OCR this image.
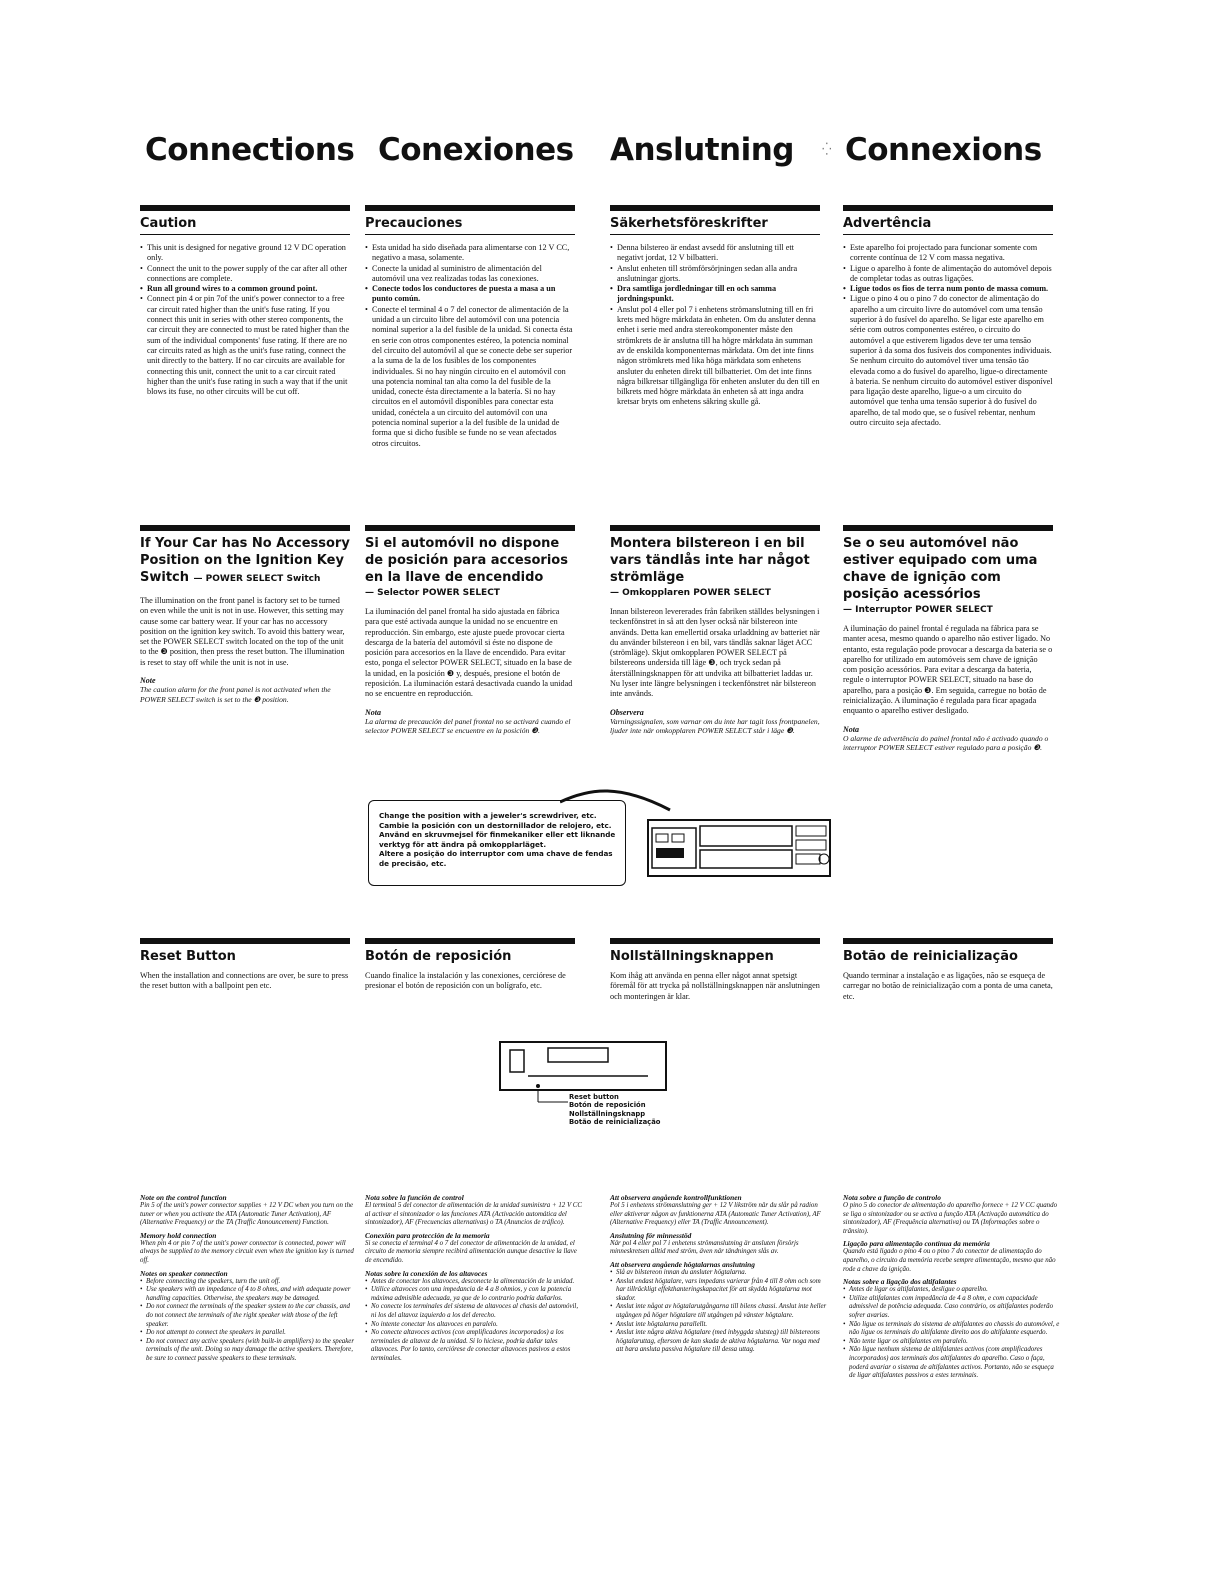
Connections Conexiones Anslutning ⁛ Connexions
Caution
• This unit is designed for negative ground 12 V DC operation only.
• Connect the unit to the power supply of the car after all other connections are complete.
• Run all ground wires to a common ground point.
• Connect pin 4 or pin 7of the unit's power connector to a free car circuit rated higher than the unit's fuse rating. If you connect this unit in series with other stereo components, the car circuit they are connected to must be rated higher than the sum of the individual components' fuse rating. If there are no car circuits rated as high as the unit's fuse rating, connect the unit directly to the battery. If no car circuits are available for connecting this unit, connect the unit to a car circuit rated higher than the unit's fuse rating in such a way that if the unit blows its fuse, no other circuits will be cut off.
Precauciones
• Esta unidad ha sido diseñada para alimentarse con 12 V CC, negativo a masa, solamente.
• Conecte la unidad al suministro de alimentación del automóvil una vez realizadas todas las conexiones.
• Conecte todos los conductores de puesta a masa a un punto común.
• Conecte el terminal 4 o 7 del conector de alimentación de la unidad a un circuito libre del automóvil con una potencia nominal superior a la del fusible de la unidad. Si conecta ésta en serie con otros componentes estéreo, la potencia nominal del circuito del automóvil al que se conecte debe ser superior a la suma de la de los fusibles de los componentes individuales. Si no hay ningún circuito en el automóvil con una potencia nominal tan alta como la del fusible de la unidad, conecte ésta directamente a la batería. Si no hay circuitos en el automóvil disponibles para conectar esta unidad, conéctela a un circuito del automóvil con una potencia nominal superior a la del fusible de la unidad de forma que si dicho fusible se funde no se vean afectados otros circuitos.
Säkerhetsföreskrifter
• Denna bilstereo är endast avsedd för anslutning till ett negativt jordat, 12 V bilbatteri.
• Anslut enheten till strömförsörjningen sedan alla andra anslutningar gjorts.
• Dra samtliga jordledningar till en och samma jordningspunkt.
• Anslut pol 4 eller pol 7 i enhetens strömanslutning till en fri krets med högre märkdata än enheten. Om du ansluter denna enhet i serie med andra stereokomponenter måste den strömkrets de är anslutna till ha högre märkdata än summan av de enskilda komponenternas märkdata. Om det inte finns någon strömkrets med lika höga märkdata som enhetens ansluter du enheten direkt till bilbatteriet. Om det inte finns några bilkretsar tillgängliga för enheten ansluter du den till en bilkrets med högre märkdata än enheten så att inga andra kretsar bryts om enhetens säkring skulle gå.
Advertência
• Este aparelho foi projectado para funcionar somente com corrente contínua de 12 V com massa negativa.
• Ligue o aparelho à fonte de alimentação do automóvel depois de completar todas as outras ligações.
• Ligue todos os fios de terra num ponto de massa comum.
• Ligue o pino 4 ou o pino 7 do conector de alimentação do aparelho a um circuito livre do automóvel com uma tensão superior à do fusível do aparelho. Se ligar este aparelho em série com outros componentes estéreo, o circuito do automóvel a que estiverem ligados deve ter uma tensão superior à da soma dos fusíveis dos componentes individuais. Se nenhum circuito do automóvel tiver uma tensão tão elevada como a do fusível do aparelho, ligue-o directamente à bateria. Se nenhum circuito do automóvel estiver disponível para ligação deste aparelho, ligue-o a um circuito do automóvel que tenha uma tensão superior à do fusível do aparelho, de tal modo que, se o fusível rebentar, nenhum outro circuito seja afectado.
If Your Car has No Accessory Position on the Ignition Key Switch — POWER SELECT Switch

The illumination on the front panel is factory set to be turned on even while the unit is not in use. However, this setting may cause some car battery wear. If your car has no accessory position on the ignition key switch. To avoid this battery wear, set the POWER SELECT switch located on the top of the unit to the ❸ position, then press the reset button. The illumination is reset to stay off while the unit is not in use.

Note

The caution alarm for the front panel is not activated when the POWER SELECT switch is set to the ❸ position.

Si el automóvil no dispone de posición para accesorios en la llave de encendido
— Selector POWER SELECT

La iluminación del panel frontal ha sido ajustada en fábrica para que esté activada aunque la unidad no se encuentre en reproducción. Sin embargo, este ajuste puede provocar cierta descarga de la batería del automóvil si éste no dispone de posición para accesorios en la llave de encendido. Para evitar esto, ponga el selector POWER SELECT, situado en la base de la unidad, en la posición ❸ y, después, presione el botón de reposición. La iluminación estará desactivada cuando la unidad no se encuentre en reproducción.

Nota

La alarma de precaución del panel frontal no se activará cuando el selector POWER SELECT se encuentre en la posición ❸.

Montera bilstereon i en bil vars tändlås inte har något strömläge
— Omkopplaren POWER SELECT

Innan bilstereon levererades från fabriken ställdes belysningen i teckenfönstret in så att den lyser också när bilstereon inte används. Detta kan emellertid orsaka urladdning av batteriet när du använder bilstereon i en bil, vars tändlås saknar läget ACC (strömläge). Skjut omkopplaren POWER SELECT på bilstereons undersida till läge ❸, och tryck sedan på återställningsknappen för att undvika att bilbatteriet laddas ur. Nu lyser inte längre belysningen i teckenfönstret när bilstereon inte används.

Observera

Varningssignalen, som varnar om du inte har tagit loss frontpanelen, ljuder inte när omkopplaren POWER SELECT står i läge ❸.

Se o seu automóvel não estiver equipado com uma chave de ignição com posição acessórios
— Interruptor POWER SELECT

A iluminação do painel frontal é regulada na fábrica para se manter acesa, mesmo quando o aparelho não estiver ligado. No entanto, esta regulação pode provocar a descarga da bateria se o aparelho for utilizado em automóveis sem chave de ignição com posição acessórios. Para evitar a descarga da bateria, regule o interruptor POWER SELECT, situado na base do aparelho, para a posição ❸. Em seguida, carregue no botão de reinicialização. A iluminação é regulada para ficar apagada enquanto o aparelho estiver desligado.

Nota

O alarme de advertência do painel frontal não é activado quando o interruptor POWER SELECT estiver regulado para a posição ❸.

Change the position with a jeweler's screwdriver, etc.

Cambie la posición con un destornillador de relojero, etc.

Använd en skruvmejsel för finmekaniker eller ett liknande verktyg för att ändra på omkopplarläget.

Altere a posição do interruptor com uma chave de fendas de precisão, etc.

Reset Button

When the installation and connections are over, be sure to press the reset button with a ballpoint pen etc.

Botón de reposición

Cuando finalice la instalación y las conexiones, cerciórese de presionar el botón de reposición con un bolígrafo, etc.

Nollställningsknappen

Kom ihåg att använda en penna eller något annat spetsigt föremål för att trycka på nollställningsknappen när anslutningen och monteringen är klar.

Botão de reinicialização

Quando terminar a instalação e as ligações, não se esqueça de carregar no botão de reinicialização com a ponta de uma caneta, etc.

Reset button
Botón de reposición
Nollställningsknapp
Botão de reinicialização

Note on the control function

Pin 5 of the unit's power connector supplies + 12 V DC when you turn on the tuner or when you activate the ATA (Automatic Tuner Activation), AF (Alternative Frequency) or the TA (Traffic Announcement) Function.

Memory hold connection

When pin 4 or pin 7 of the unit's power connector is connected, power will always be supplied to the memory circuit even when the ignition key is turned off.

Notes on speaker connection

• Before connecting the speakers, turn the unit off.
• Use speakers with an impedance of 4 to 8 ohms, and with adequate power handling capacities. Otherwise, the speakers may be damaged.
• Do not connect the terminals of the speaker system to the car chassis, and do not connect the terminals of the right speaker with those of the left speaker.
• Do not attempt to connect the speakers in parallel.
• Do not connect any active speakers (with built-in amplifiers) to the speaker terminals of the unit. Doing so may damage the active speakers. Therefore, be sure to connect passive speakers to these terminals.

Nota sobre la función de control

El terminal 5 del conector de alimentación de la unidad suministra + 12 V CC al activar el sintonizador o las funciones ATA (Activación automática del sintonizador), AF (Frecuencias alternativas) o TA (Anuncios de tráfico).

Conexión para protección de la memoria

Si se conecta el terminal 4 o 7 del conector de alimentación de la unidad, el circuito de memoria siempre recibirá alimentación aunque desactive la llave de encendido.

Notas sobre la conexión de los altavoces

• Antes de conectar los altavoces, desconecte la alimentación de la unidad.
• Utilice altavoces con una impedancia de 4 a 8 ohmios, y con la potencia máxima admisible adecuada, ya que de lo contrario podría dañarlos.
• No conecte los terminales del sistema de altavoces al chasis del automóvil, ni los del altavoz izquierdo a los del derecho.
• No intente conectar los altavoces en paralelo.
• No conecte altavoces activos (con amplificadores incorporados) a los terminales de altavoz de la unidad. Si lo hiciese, podría dañar tales altavoces. Por lo tanto, cerciórese de conectar altavoces pasivos a estos terminales.

Att observera angående kontrollfunktionen

Pol 5 i enhetens strömanslutning ger + 12 V likström när du slår på radion eller aktiverar någon av funktionerna ATA (Automatic Tuner Activation), AF (Alternative Frequency) eller TA (Traffic Announcement).

Anslutning för minnesstöd

När pol 4 eller pol 7 i enhetens strömanslutning är ansluten försörjs minneskretsen alltid med ström, även när tändningen slås av.

Att observera angående högtalarnas anslutning

• Slå av bilstereon innan du ansluter högtalarna.
• Anslut endast högtalare, vars impedans varierar från 4 till 8 ohm och som har tillräckligt effekthanteringskapacitet för att skydda högtalarna mot skador.
• Anslut inte något av högtalarutgångarna till bilens chassi. Anslut inte heller utgången på höger högtalare till utgången på vänster högtalare.
• Anslut inte högtalarna parallellt.
• Anslut inte några aktiva högtalare (med inbyggda slutsteg) till bilstereons högtalaruttag, eftersom de kan skada de aktiva högtalarna. Var noga med att bara ansluta passiva högtalare till dessa uttag.

Nota sobre a função de controlo

O pino 5 do conector de alimentação do aparelho fornece + 12 V CC quando se liga o sintonizador ou se activa a função ATA (Activação automática do sintonizador), AF (Frequência alternativa) ou TA (Informações sobre o trânsito).

Ligação para alimentação contínua da memória

Quando está ligado o pino 4 ou o pino 7 do conector de alimentação do aparelho, o circuito da memória recebe sempre alimentação, mesmo que não rode a chave da ignição.

Notas sobre a ligação dos altifalantes

• Antes de ligar os altifalantes, desligue o aparelho.
• Utilize altifalantes com impedância de 4 a 8 ohm, e com capacidade admissível de potência adequada. Caso contrário, os altifalantes poderão sofrer avarias.
• Não ligue os terminais do sistema de altifalantes ao chassis do automóvel, e não ligue os terminais do altifalante direito aos do altifalante esquerdo.
• Não tente ligar os altifalantes em paralelo.
• Não ligue nenhum sistema de altifalantes activos (com amplificadores incorporados) aos terminais dos altifalantes do aparelho. Caso o faça, poderá avariar o sistema de altifalantes activos. Portanto, não se esqueça de ligar altifalantes passivos a estes terminais.
